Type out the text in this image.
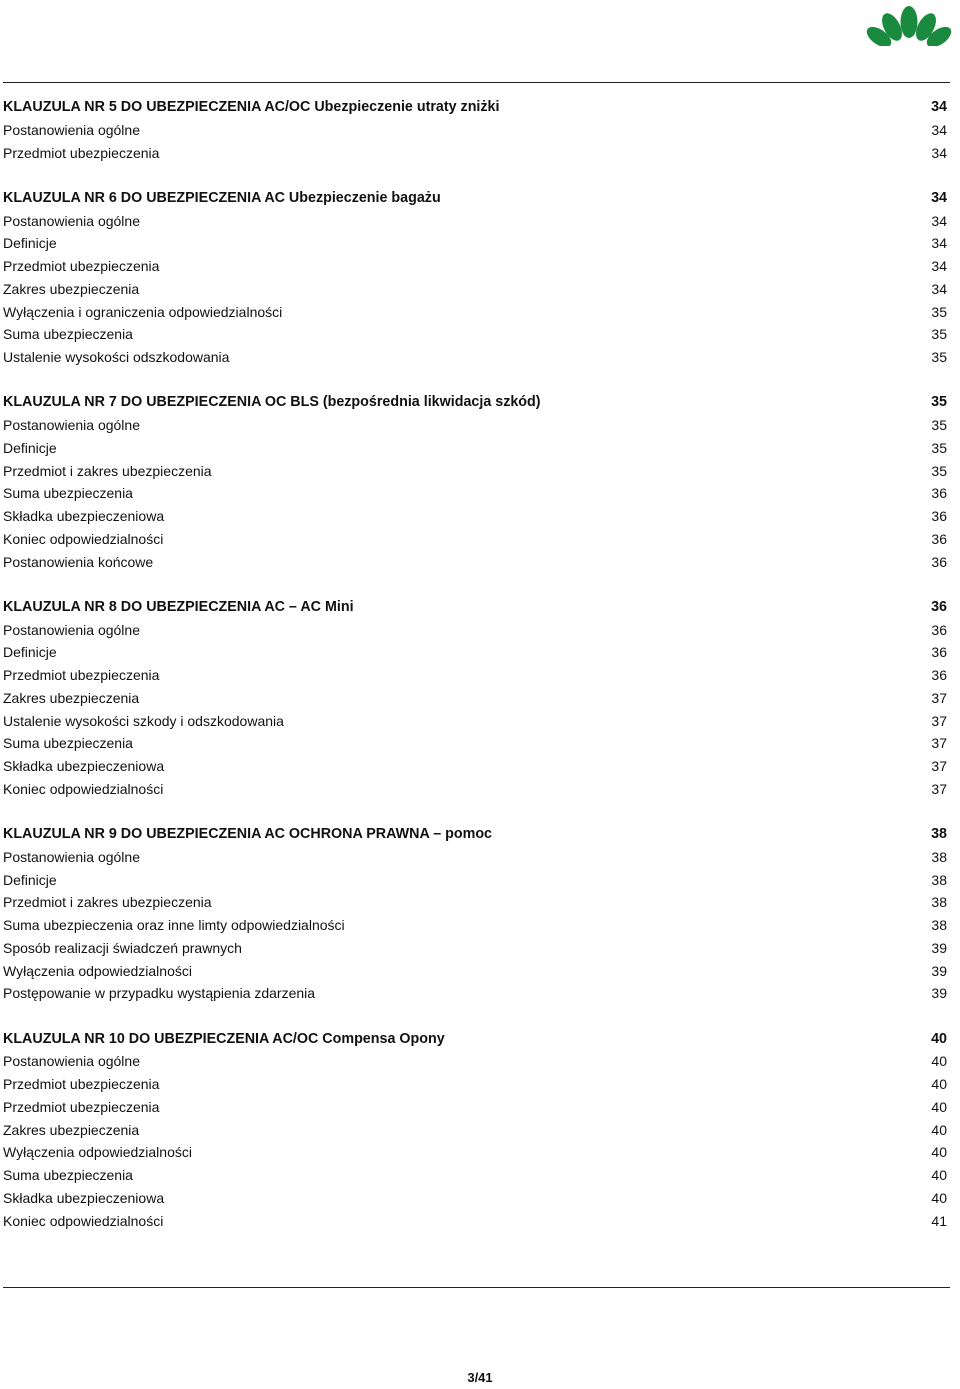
KLAUZULA NR 5 DO UBEZPIECZENIA AC/OC Ubezpieczenie utraty zniżki	34
Postanowienia ogólne	34
Przedmiot ubezpieczenia	34
KLAUZULA NR 6 DO UBEZPIECZENIA AC Ubezpieczenie bagażu	34
Postanowienia ogólne	34
Definicje	34
Przedmiot ubezpieczenia	34
Zakres ubezpieczenia	34
Wyłączenia i ograniczenia odpowiedzialności	35
Suma ubezpieczenia	35
Ustalenie wysokości odszkodowania	35
KLAUZULA NR 7 DO UBEZPIECZENIA OC BLS (bezpośrednia likwidacja szkód)	35
Postanowienia ogólne	35
Definicje	35
Przedmiot i zakres ubezpieczenia	35
Suma ubezpieczenia	36
Składka ubezpieczeniowa	36
Koniec odpowiedzialności	36
Postanowienia końcowe	36
KLAUZULA NR 8 DO UBEZPIECZENIA AC – AC Mini	36
Postanowienia ogólne	36
Definicje	36
Przedmiot ubezpieczenia	36
Zakres ubezpieczenia	37
Ustalenie wysokości szkody i odszkodowania	37
Suma ubezpieczenia	37
Składka ubezpieczeniowa	37
Koniec odpowiedzialności	37
KLAUZULA NR 9 DO UBEZPIECZENIA AC OCHRONA PRAWNA – pomoc	38
Postanowienia ogólne	38
Definicje	38
Przedmiot i zakres ubezpieczenia	38
Suma ubezpieczenia oraz inne limty odpowiedzialności	38
Sposób realizacji świadczeń prawnych	39
Wyłączenia odpowiedzialności	39
Postępowanie w przypadku wystąpienia zdarzenia	39
KLAUZULA NR 10 DO UBEZPIECZENIA AC/OC Compensa Opony	40
Postanowienia ogólne	40
Przedmiot ubezpieczenia	40
Przedmiot ubezpieczenia	40
Zakres ubezpieczenia	40
Wyłączenia odpowiedzialności	40
Suma ubezpieczenia	40
Składka ubezpieczeniowa	40
Koniec odpowiedzialności	41
3/41
